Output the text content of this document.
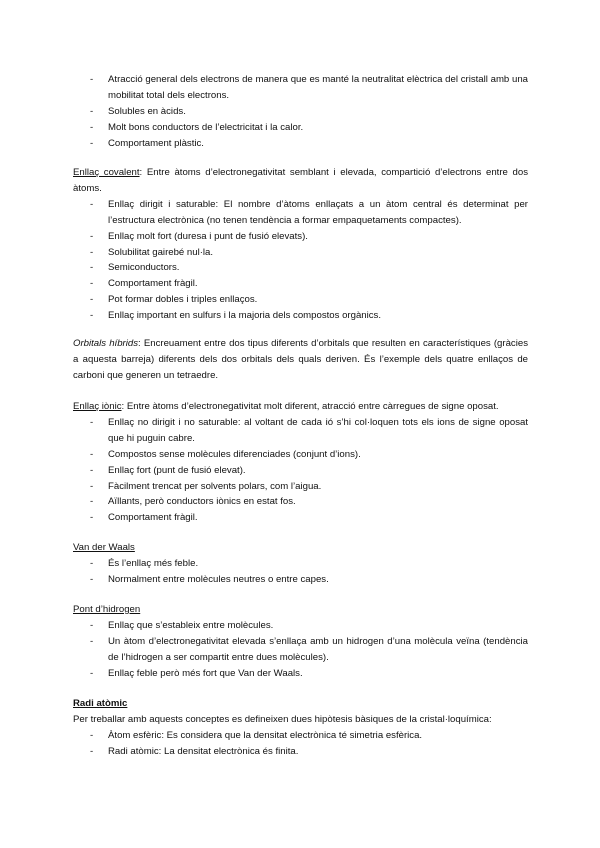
- Atracció general dels electrons de manera que es manté la neutralitat elèctrica del cristall amb una mobilitat total dels electrons.
- Solubles en àcids.
- Molt bons conductors de l’electricitat i la calor.
- Comportament plàstic.

Enllaç covalent: Entre àtoms d’electronegativitat semblant i elevada, compartició d’electrons entre dos àtoms.

- Enllaç dirigit i saturable: El nombre d’àtoms enllaçats a un àtom central és determinat per l’estructura electrònica (no tenen tendència a formar empaquetaments compactes).
- Enllaç molt fort (duresa i punt de fusió elevats).
- Solubilitat gairebé nul·la.
- Semiconductors.
- Comportament fràgil.
- Pot formar dobles i triples enllaços.
- Enllaç important en sulfurs i la majoria dels compostos orgànics.

Orbitals híbrids: Encreuament entre dos tipus diferents d’orbitals que resulten en característiques (gràcies a aquesta barreja) diferents dels dos orbitals dels quals deriven. És l’exemple dels quatre enllaços de carboni que generen un tetraedre.

Enllaç iònic: Entre àtoms d’electronegativitat molt diferent, atracció entre càrregues de signe oposat.

- Enllaç no dirigit i no saturable: al voltant de cada ió s’hi col·loquen tots els ions de signe oposat que hi puguin cabre.
- Compostos sense molècules diferenciades (conjunt d’ions).
- Enllaç fort (punt de fusió elevat).
- Fàcilment trencat per solvents polars, com l’aigua.
- Aïllants, però conductors iònics en estat fos.
- Comportament fràgil.

Van der Waals

- És l’enllaç més feble.
- Normalment entre molècules neutres o entre capes.

Pont d’hidrogen

- Enllaç que s’estableix entre molècules.
- Un àtom d’electronegativitat elevada s’enllaça amb un hidrogen d’una molècula veïna (tendència de l’hidrogen a ser compartit entre dues molècules).
- Enllaç feble però més fort que Van der Waals.

Radi atòmic

Per treballar amb aquests conceptes es defineixen dues hipòtesis bàsiques de la cristal·loquímica:

- Àtom esfèric: Es considera que la densitat electrònica té simetria esfèrica.
- Radi atòmic: La densitat electrònica és finita.
